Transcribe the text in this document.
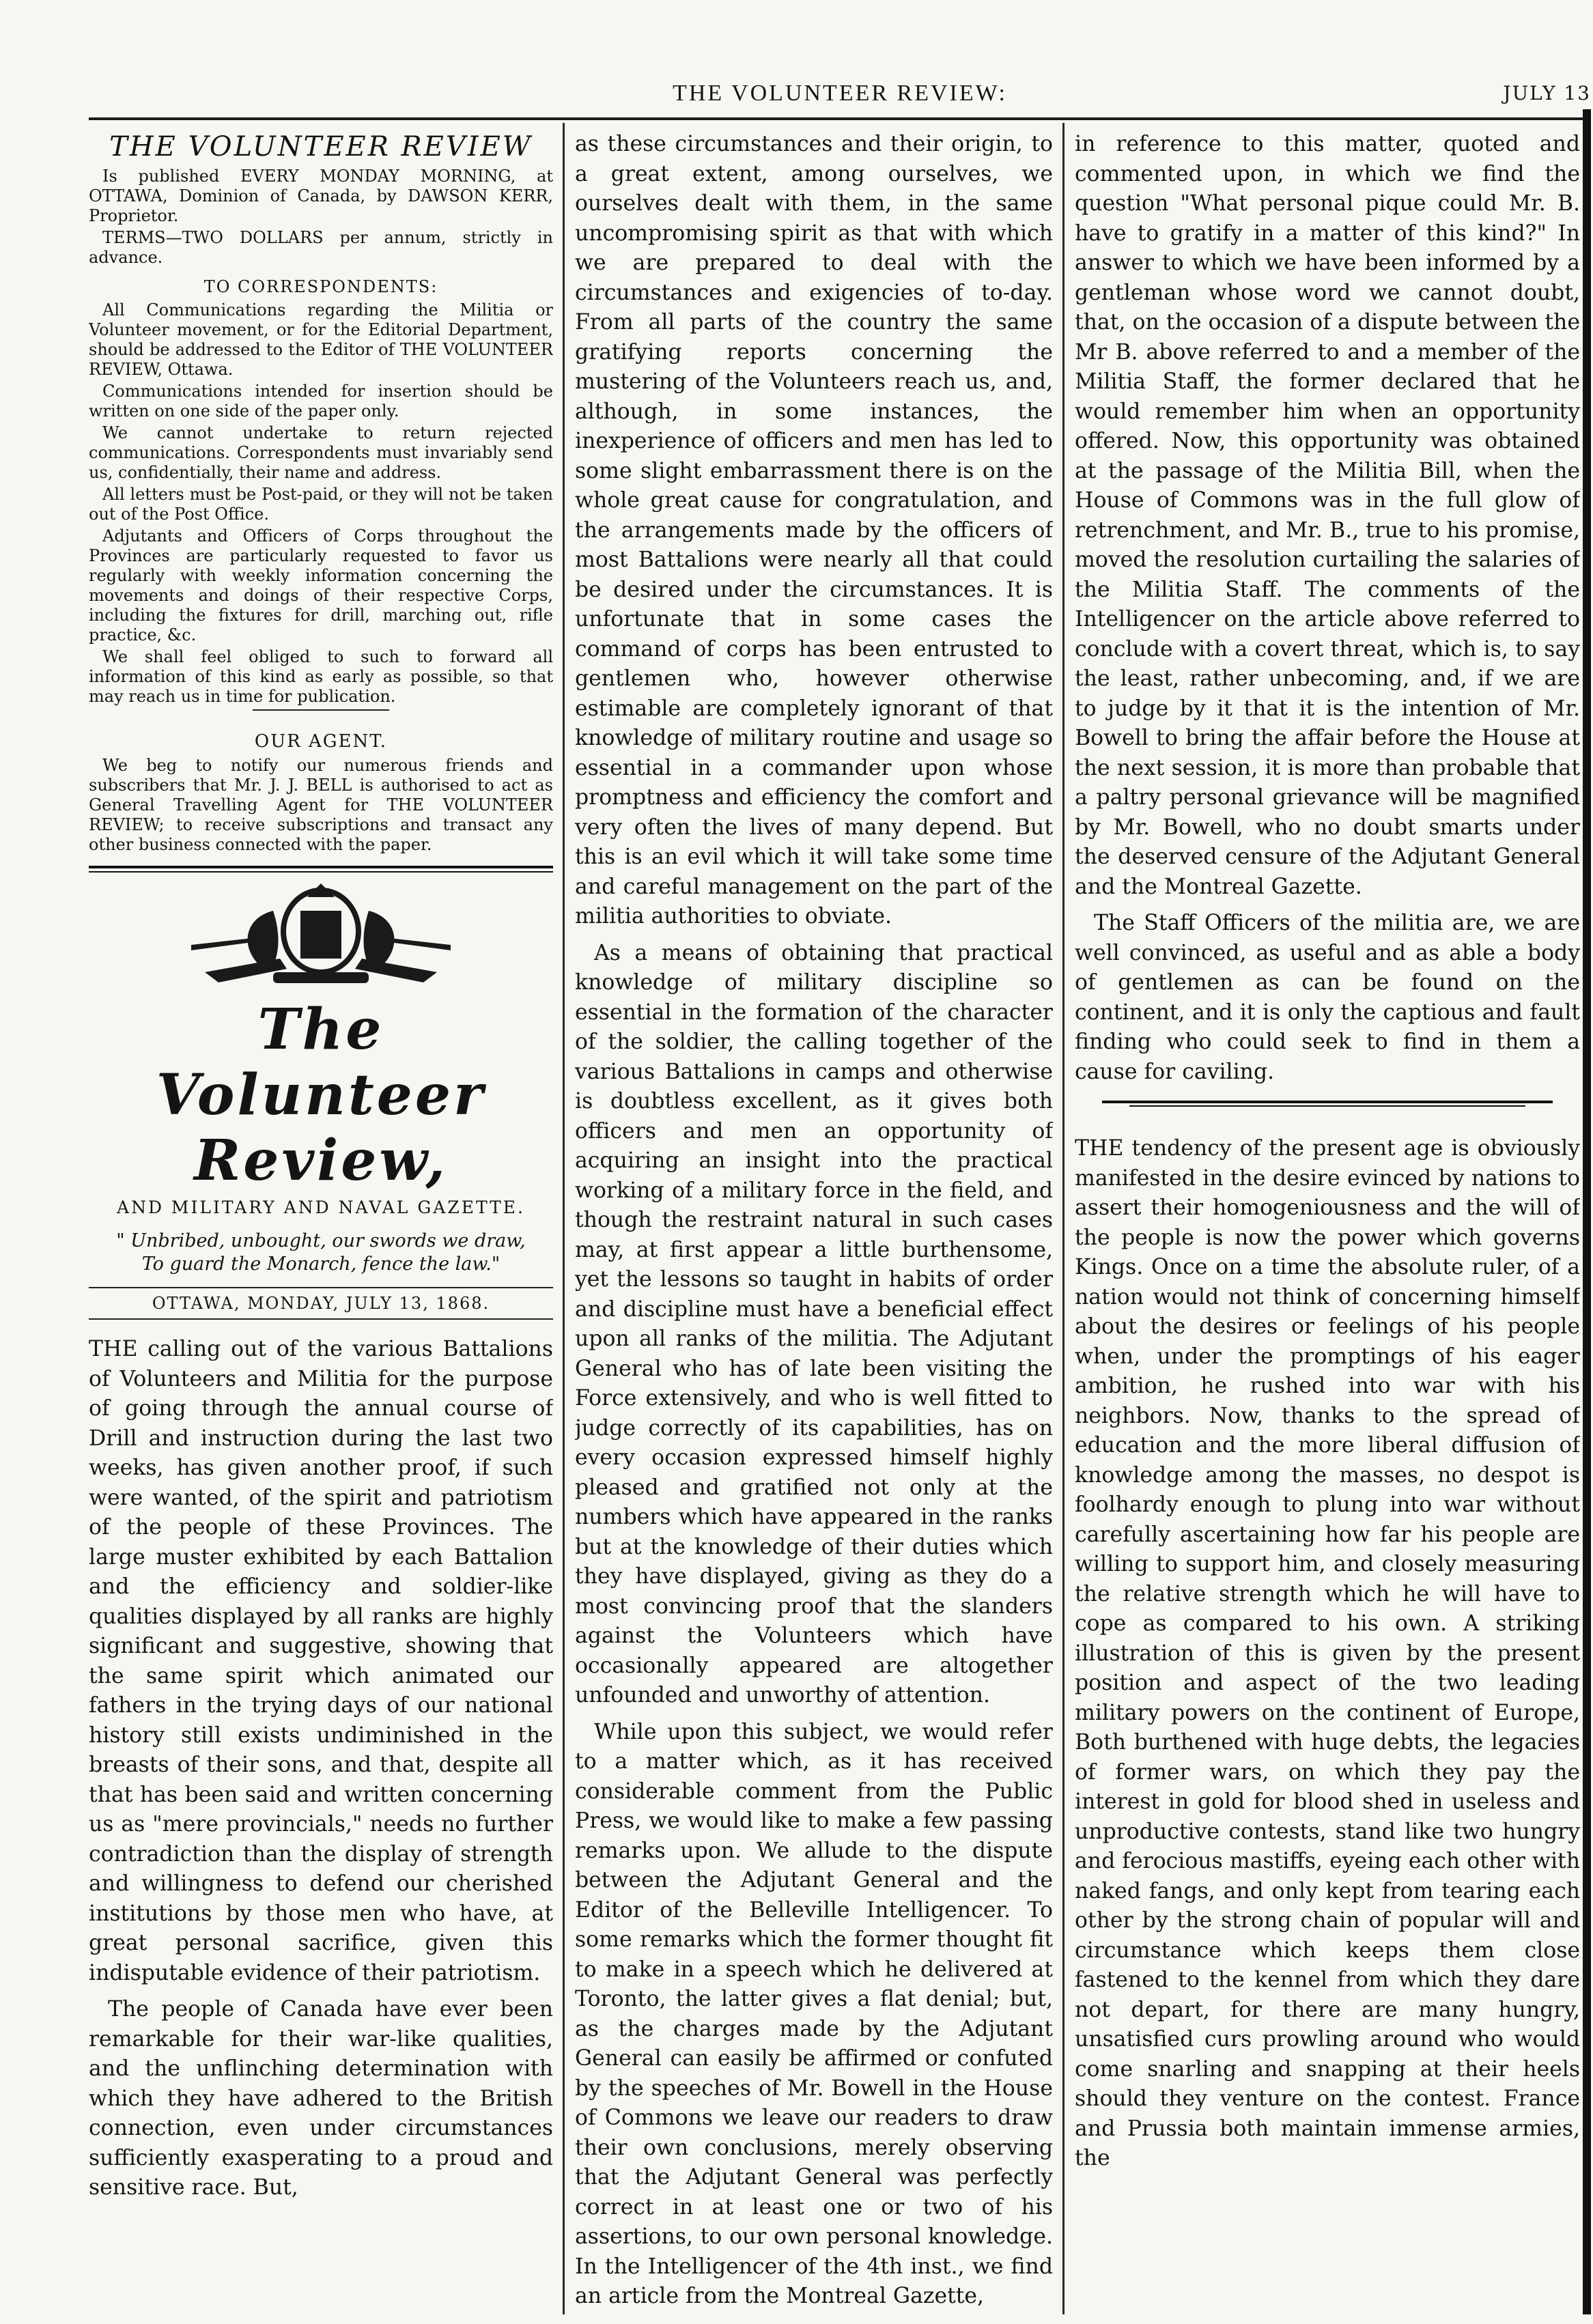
THE VOLUNTEER REVIEW:	JULY 13
THE VOLUNTEER REVIEW

Is published EVERY MONDAY MORNING, at OTTAWA, Dominion of Canada, by DAWSON KERR, Proprietor.

TERMS—TWO DOLLARS per annum, strictly in advance.

TO CORRESPONDENTS:

All Communications regarding the Militia or Volunteer movement, or for the Editorial Department, should be addressed to the Editor of THE VOLUNTEER REVIEW, Ottawa.

Communications intended for insertion should be written on one side of the paper only.

We cannot undertake to return rejected communications. Correspondents must invariably send us, confidentially, their name and address.

All letters must be Post-paid, or they will not be taken out of the Post Office.

Adjutants and Officers of Corps throughout the Provinces are particularly requested to favor us regularly with weekly information concerning the movements and doings of their respective Corps, including the fixtures for drill, marching out, rifle practice, &c.

We shall feel obliged to such to forward all information of this kind as early as possible, so that may reach us in time for publication.

OUR AGENT.

We beg to notify our numerous friends and subscribers that Mr. J. J. BELL is authorised to act as General Travelling Agent for THE VOLUNTEER REVIEW; to receive subscriptions and transact any other business connected with the paper.

The Volunteer Review,
AND MILITARY AND NAVAL GAZETTE.
" Unbribed, unbought, our swords we draw,
To guard the Monarch, fence the law."
OTTAWA, MONDAY, JULY 13, 1868.

THE calling out of the various Battalions of Volunteers and Militia for the purpose of going through the annual course of Drill and instruction during the last two weeks, has given another proof, if such were wanted, of the spirit and patriotism of the people of these Provinces. The large muster exhibited by each Battalion and the efficiency and soldier-like qualities displayed by all ranks are highly significant and suggestive, showing that the same spirit which animated our fathers in the trying days of our national history still exists undiminished in the breasts of their sons, and that, despite all that has been said and written concerning us as "mere provincials," needs no further contradiction than the display of strength and willingness to defend our cherished institutions by those men who have, at great personal sacrifice, given this indisputable evidence of their patriotism.

The people of Canada have ever been remarkable for their war-like qualities, and the unflinching determination with which they have adhered to the British connection, even under circumstances sufficiently exasperating to a proud and sensitive race. But,

as these circumstances and their origin, to a great extent, among ourselves, we ourselves dealt with them, in the same uncompromising spirit as that with which we are prepared to deal with the circumstances and exigencies of to-day. From all parts of the country the same gratifying reports concerning the mustering of the Volunteers reach us, and, although, in some instances, the inexperience of officers and men has led to some slight embarrassment there is on the whole great cause for congratulation, and the arrangements made by the officers of most Battalions were nearly all that could be desired under the circumstances. It is unfortunate that in some cases the command of corps has been entrusted to gentlemen who, however otherwise estimable are completely ignorant of that knowledge of military routine and usage so essential in a commander upon whose promptness and efficiency the comfort and very often the lives of many depend. But this is an evil which it will take some time and careful management on the part of the militia authorities to obviate.

As a means of obtaining that practical knowledge of military discipline so essential in the formation of the character of the soldier, the calling together of the various Battalions in camps and otherwise is doubtless excellent, as it gives both officers and men an opportunity of acquiring an insight into the practical working of a military force in the field, and though the restraint natural in such cases may, at first appear a little burthensome, yet the lessons so taught in habits of order and discipline must have a beneficial effect upon all ranks of the militia. The Adjutant General who has of late been visiting the Force extensively, and who is well fitted to judge correctly of its capabilities, has on every occasion expressed himself highly pleased and gratified not only at the numbers which have appeared in the ranks but at the knowledge of their duties which they have displayed, giving as they do a most convincing proof that the slanders against the Volunteers which have occasionally appeared are altogether unfounded and unworthy of attention.

While upon this subject, we would refer to a matter which, as it has received considerable comment from the Public Press, we would like to make a few passing remarks upon. We allude to the dispute between the Adjutant General and the Editor of the Belleville Intelligencer. To some remarks which the former thought fit to make in a speech which he delivered at Toronto, the latter gives a flat denial; but, as the charges made by the Adjutant General can easily be affirmed or confuted by the speeches of Mr. Bowell in the House of Commons we leave our readers to draw their own conclusions, merely observing that the Adjutant General was perfectly correct in at least one or two of his assertions, to our own personal knowledge. In the Intelligencer of the 4th inst., we find an article from the Montreal Gazette,

in reference to this matter, quoted and commented upon, in which we find the question "What personal pique could Mr. B. have to gratify in a matter of this kind?" In answer to which we have been informed by a gentleman whose word we cannot doubt, that, on the occasion of a dispute between the Mr B. above referred to and a member of the Militia Staff, the former declared that he would remember him when an opportunity offered. Now, this opportunity was obtained at the passage of the Militia Bill, when the House of Commons was in the full glow of retrenchment, and Mr. B., true to his promise, moved the resolution curtailing the salaries of the Militia Staff. The comments of the Intelligencer on the article above referred to conclude with a covert threat, which is, to say the least, rather unbecoming, and, if we are to judge by it that it is the intention of Mr. Bowell to bring the affair before the House at the next session, it is more than probable that a paltry personal grievance will be magnified by Mr. Bowell, who no doubt smarts under the deserved censure of the Adjutant General and the Montreal Gazette.

The Staff Officers of the militia are, we are well convinced, as useful and as able a body of gentlemen as can be found on the continent, and it is only the captious and fault finding who could seek to find in them a cause for caviling.

THE tendency of the present age is obviously manifested in the desire evinced by nations to assert their homogeniousness and the will of the people is now the power which governs Kings. Once on a time the absolute ruler, of a nation would not think of concerning himself about the desires or feelings of his people when, under the promptings of his eager ambition, he rushed into war with his neighbors. Now, thanks to the spread of education and the more liberal diffusion of knowledge among the masses, no despot is foolhardy enough to plung into war without carefully ascertaining how far his people are willing to support him, and closely measuring the relative strength which he will have to cope as compared to his own. A striking illustration of this is given by the present position and aspect of the two leading military powers on the continent of Europe, Both burthened with huge debts, the legacies of former wars, on which they pay the interest in gold for blood shed in useless and unproductive contests, stand like two hungry and ferocious mastiffs, eyeing each other with naked fangs, and only kept from tearing each other by the strong chain of popular will and circumstance which keeps them close fastened to the kennel from which they dare not depart, for there are many hungry, unsatisfied curs prowling around who would come snarling and snapping at their heels should they venture on the contest. France and Prussia both maintain immense armies, the
